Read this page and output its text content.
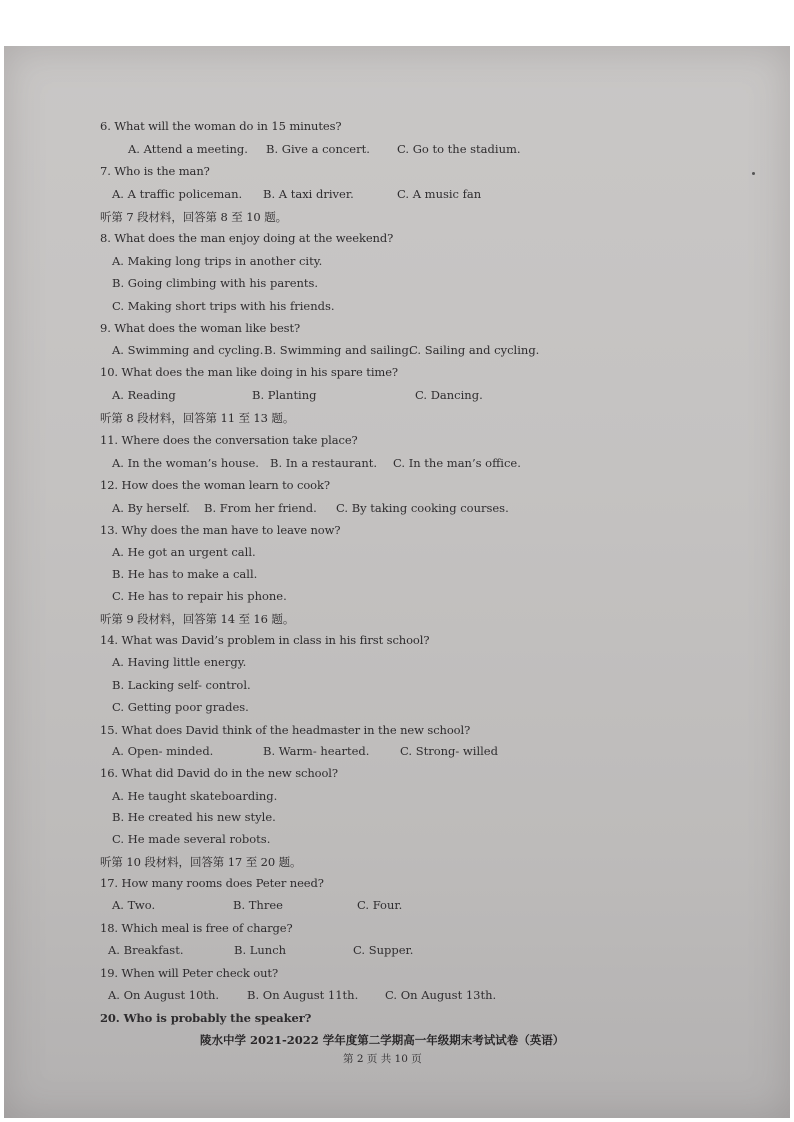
6. What will the woman do in 15 minutes?
A. Attend a meeting. B. Give a concert. C. Go to the stadium.
7. Who is the man?
A. A traffic policeman. B. A taxi driver.	C. A music fan
听第 7 段材料，回答第 8 至 10 题。
8. What does the man enjoy doing at the weekend?
A. Making long trips in another city.
B. Going climbing with his parents.
C. Making short trips with his friends.
9. What does the woman like best?
A. Swimming and cycling. B. Swimming and sailing.
C. Sailing and cycling.
10. What does the man like doing in his spare time?
A. Reading	B. Planting	C. Dancing.
听第 8 段材料，回答第 11 至 13 题。
11. Where does the conversation take place?
A. In the woman’s house. B. In a restaurant. C. In the man’s office.
12. How does the woman learn to cook?
A. By herself. B. From her friend. C. By taking cooking courses.
13. Why does the man have to leave now?
A. He got an urgent call.
B. He has to make a call.
C. He has to repair his phone.
听第 9 段材料，回答第 14 至 16 题。
14. What was David’s problem in class in his first school?
A. Having little energy.
B. Lacking self- control.
C. Getting poor grades.
15. What does David think of the headmaster in the new school?
A. Open- minded.	B. Warm- hearted.	C. Strong- willed
16. What did David do in the new school?
A. He taught skateboarding.
B. He created his new style.
C. He made several robots.
听第 10 段材料，回答第 17 至 20 题。
17. How many rooms does Peter need?
A. Two.	B. Three	C. Four.
18. Which meal is free of charge?
A. Breakfast.	B. Lunch	C. Supper.
19. When will Peter check out?
A. On August 10th. B. On August 11th. C. On August 13th.
20. Who is probably the speaker?
陵水中学 2021-2022 学年度第二学期高一年级期末考试试卷（英语）
第 2 页 共 10 页
